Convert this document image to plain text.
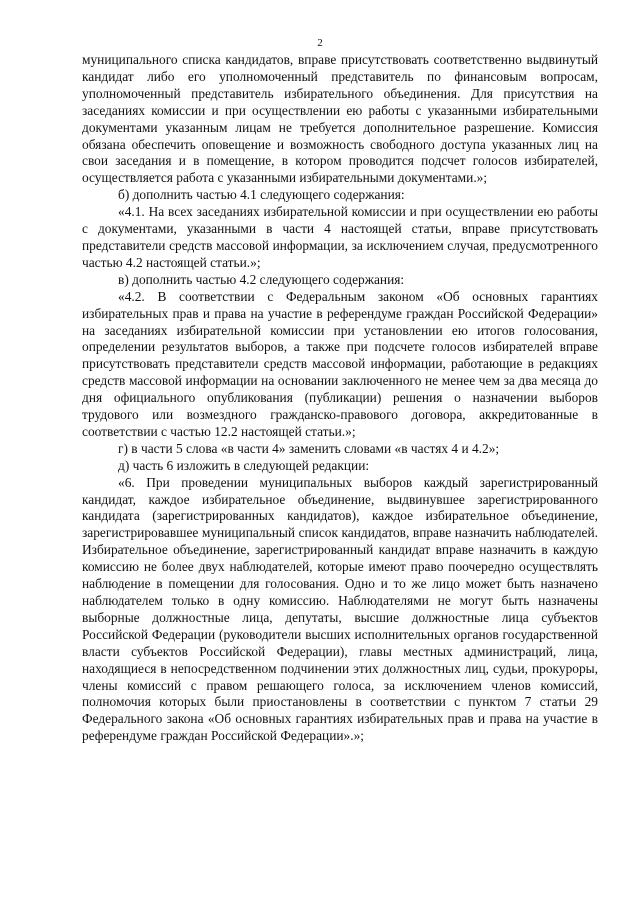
2

муниципального списка кандидатов, вправе присутствовать соответственно выдвинутый кандидат либо его уполномоченный представитель по финансовым вопросам, уполномоченный представитель избирательного объединения. Для присутствия на заседаниях комиссии и при осуществлении ею работы с указанными избирательными документами указанным лицам не требуется дополнительное разрешение. Комиссия обязана обеспечить оповещение и возможность свободного доступа указанных лиц на свои заседания и в помещение, в котором проводится подсчет голосов избирателей, осуществляется работа с указанными избирательными документами.»;

б) дополнить частью 4.1 следующего содержания:

«4.1. На всех заседаниях избирательной комиссии и при осуществлении ею работы с документами, указанными в части 4 настоящей статьи, вправе присутствовать представители средств массовой информации, за исключением случая, предусмотренного частью 4.2 настоящей статьи.»;

в) дополнить частью 4.2 следующего содержания:

«4.2. В соответствии с Федеральным законом «Об основных гарантиях избирательных прав и права на участие в референдуме граждан Российской Федерации» на заседаниях избирательной комиссии при установлении ею итогов голосования, определении результатов выборов, а также при подсчете голосов избирателей вправе присутствовать представители средств массовой информации, работающие в редакциях средств массовой информации на основании заключенного не менее чем за два месяца до дня официального опубликования (публикации) решения о назначении выборов трудового или возмездного гражданско-правового договора, аккредитованные в соответствии с частью 12.2 настоящей статьи.»;

г) в части 5 слова «в части 4» заменить словами «в частях 4 и 4.2»;

д) часть 6 изложить в следующей редакции:

«6. При проведении муниципальных выборов каждый зарегистрированный кандидат, каждое избирательное объединение, выдвинувшее зарегистрированного кандидата (зарегистрированных кандидатов), каждое избирательное объединение, зарегистрировавшее муниципальный список кандидатов, вправе назначить наблюдателей. Избирательное объединение, зарегистрированный кандидат вправе назначить в каждую комиссию не более двух наблюдателей, которые имеют право поочередно осуществлять наблюдение в помещении для голосования. Одно и то же лицо может быть назначено наблюдателем только в одну комиссию. Наблюдателями не могут быть назначены выборные должностные лица, депутаты, высшие должностные лица субъектов Российской Федерации (руководители высших исполнительных органов государственной власти субъектов Российской Федерации), главы местных администраций, лица, находящиеся в непосредственном подчинении этих должностных лиц, судьи, прокуроры, члены комиссий с правом решающего голоса, за исключением членов комиссий, полномочия которых были приостановлены в соответствии с пунктом 7 статьи 29 Федерального закона «Об основных гарантиях избирательных прав и права на участие в референдуме граждан Российской Федерации».»;
